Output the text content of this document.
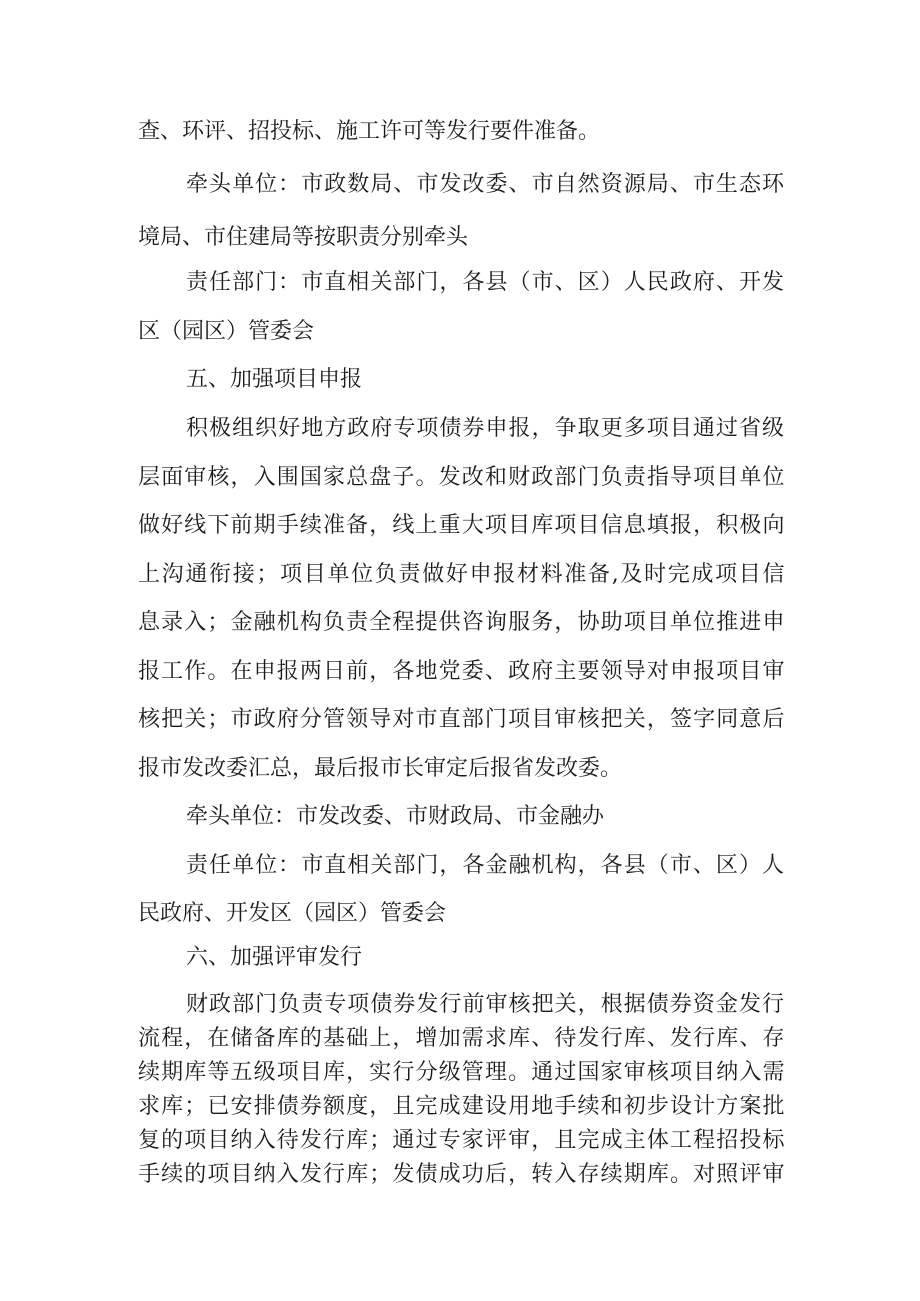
查、环评、招投标、施工许可等发行要件准备。

牵头单位：市政数局、市发改委、市自然资源局、市生态环

境局、市住建局等按职责分别牵头

责任部门：市直相关部门，各县（市、区）人民政府、开发

区（园区）管委会

五、加强项目申报

积极组织好地方政府专项债券申报，争取更多项目通过省级

层面审核，入围国家总盘子。发改和财政部门负责指导项目单位

做好线下前期手续准备，线上重大项目库项目信息填报，积极向

上沟通衔接；项目单位负责做好申报材料准备,及时完成项目信

息录入；金融机构负责全程提供咨询服务，协助项目单位推进申

报工作。在申报两日前，各地党委、政府主要领导对申报项目审

核把关；市政府分管领导对市直部门项目审核把关，签字同意后

报市发改委汇总，最后报市长审定后报省发改委。

牵头单位：市发改委、市财政局、市金融办

责任单位：市直相关部门，各金融机构，各县（市、区）人

民政府、开发区（园区）管委会

六、加强评审发行

财政部门负责专项债券发行前审核把关，根据债券资金发行

流程，在储备库的基础上，增加需求库、待发行库、发行库、存

续期库等五级项目库，实行分级管理。通过国家审核项目纳入需

求库；已安排债券额度，且完成建设用地手续和初步设计方案批

复的项目纳入待发行库；通过专家评审，且完成主体工程招投标

手续的项目纳入发行库；发债成功后，转入存续期库。对照评审
